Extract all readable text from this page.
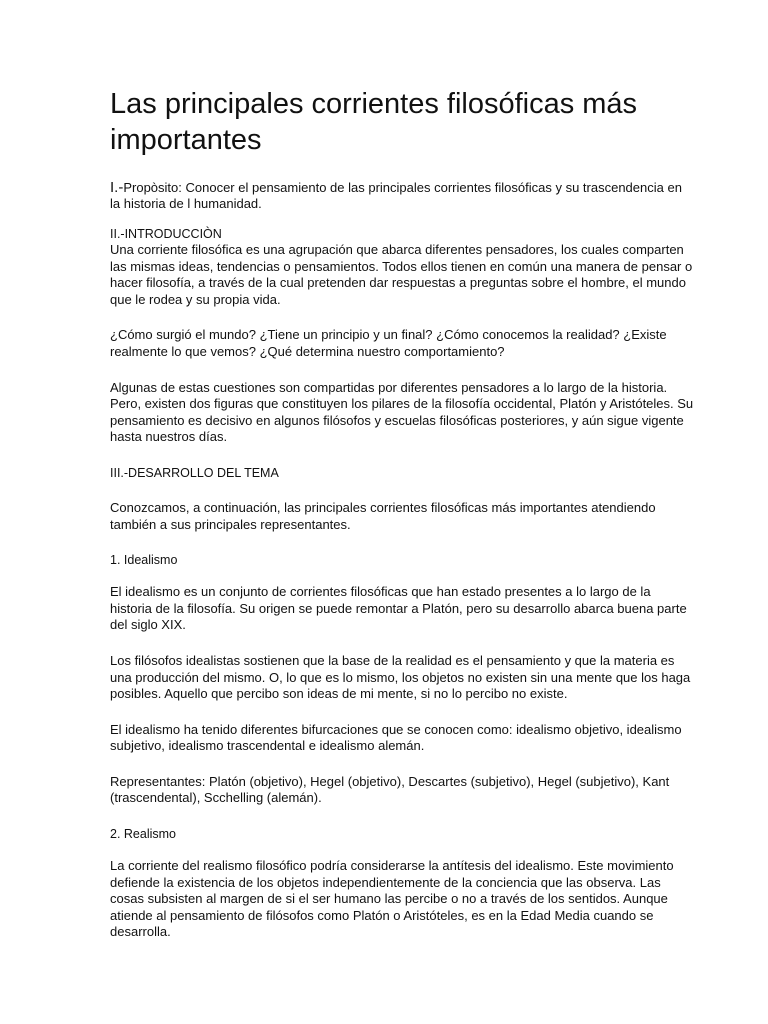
Las principales corrientes filosóficas más importantes

I.-Propòsito: Conocer el pensamiento de las principales corrientes filosóficas y su trascendencia en la historia de l humanidad.

II.-INTRODUCCIÒN

Una corriente filosófica es una agrupación que abarca diferentes pensadores, los cuales comparten las mismas ideas, tendencias o pensamientos. Todos ellos tienen en común una manera de pensar o hacer filosofía, a través de la cual pretenden dar respuestas a preguntas sobre el hombre, el mundo que le rodea y su propia vida.

¿Cómo surgió el mundo? ¿Tiene un principio y un final? ¿Cómo conocemos la realidad? ¿Existe realmente lo que vemos? ¿Qué determina nuestro comportamiento?

Algunas de estas cuestiones son compartidas por diferentes pensadores a lo largo de la historia. Pero, existen dos figuras que constituyen los pilares de la filosofía occidental, Platón y Aristóteles. Su pensamiento es decisivo en algunos filósofos y escuelas filosóficas posteriores, y aún sigue vigente hasta nuestros días.

III.-DESARROLLO DEL TEMA

Conozcamos, a continuación, las principales corrientes filosóficas más importantes atendiendo también a sus principales representantes.

1. Idealismo

El idealismo es un conjunto de corrientes filosóficas que han estado presentes a lo largo de la historia de la filosofía. Su origen se puede remontar a Platón, pero su desarrollo abarca buena parte del siglo XIX.

Los filósofos idealistas sostienen que la base de la realidad es el pensamiento y que la materia es una producción del mismo. O, lo que es lo mismo, los objetos no existen sin una mente que los haga posibles. Aquello que percibo son ideas de mi mente, si no lo percibo no existe.

El idealismo ha tenido diferentes bifurcaciones que se conocen como: idealismo objetivo, idealismo subjetivo, idealismo trascendental e idealismo alemán.

Representantes: Platón (objetivo), Hegel (objetivo), Descartes (subjetivo), Hegel (subjetivo), Kant (trascendental), Scchelling (alemán).

2. Realismo

La corriente del realismo filosófico podría considerarse la antítesis del idealismo. Este movimiento defiende la existencia de los objetos independientemente de la conciencia que las observa. Las cosas subsisten al margen de si el ser humano las percibe o no a través de los sentidos. Aunque atiende al pensamiento de filósofos como Platón o Aristóteles, es en la Edad Media cuando se desarrolla.
